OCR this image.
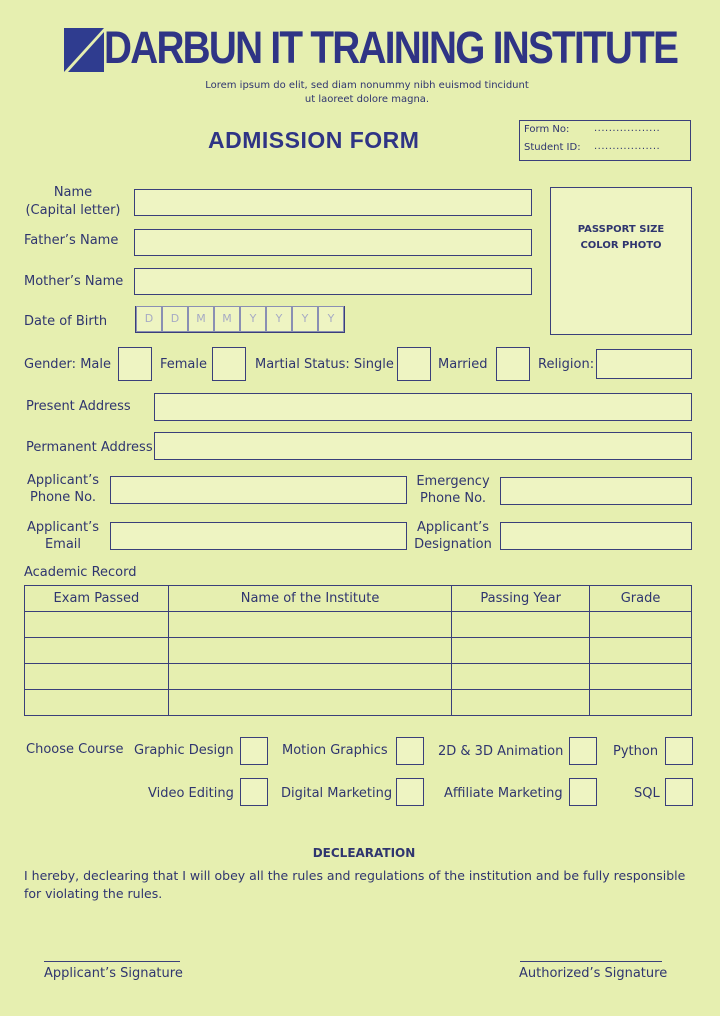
DARBUN IT TRAINING INSTITUTE
Lorem ipsum do elit, sed diam nonummy nibh euismod tincidunt
ut laoreet dolore magna.
ADMISSION FORM	Form No: ..................
Student ID: ..................
Name
(Capital letter)
Father’s Name
Mother’s Name
PASSPORT SIZE
COLOR PHOTO
Date of Birth	D	D	M	M	Y	Y	Y	Y
Gender: Male	Female	Martial Status: Single	Married	Religion:
Present Address
Permanent Address
Applicant’s
Phone No.
Emergency
Phone No.
Applicant’s
Email
Applicant’s
Designation
Academic Record
Exam Passed	Name of the Institute	Passing Year	Grade

Choose Course Graphic Design	Motion Graphics	2D & 3D Animation	Python
Video Editing	Digital Marketing	Affiliate Marketing	SQL
DECLEARATION
I hereby, declearing that I will obey all the rules and regulations of the institution and be fully responsible
for violating the rules.
Applicant’s Signature	Authorized’s Signature
